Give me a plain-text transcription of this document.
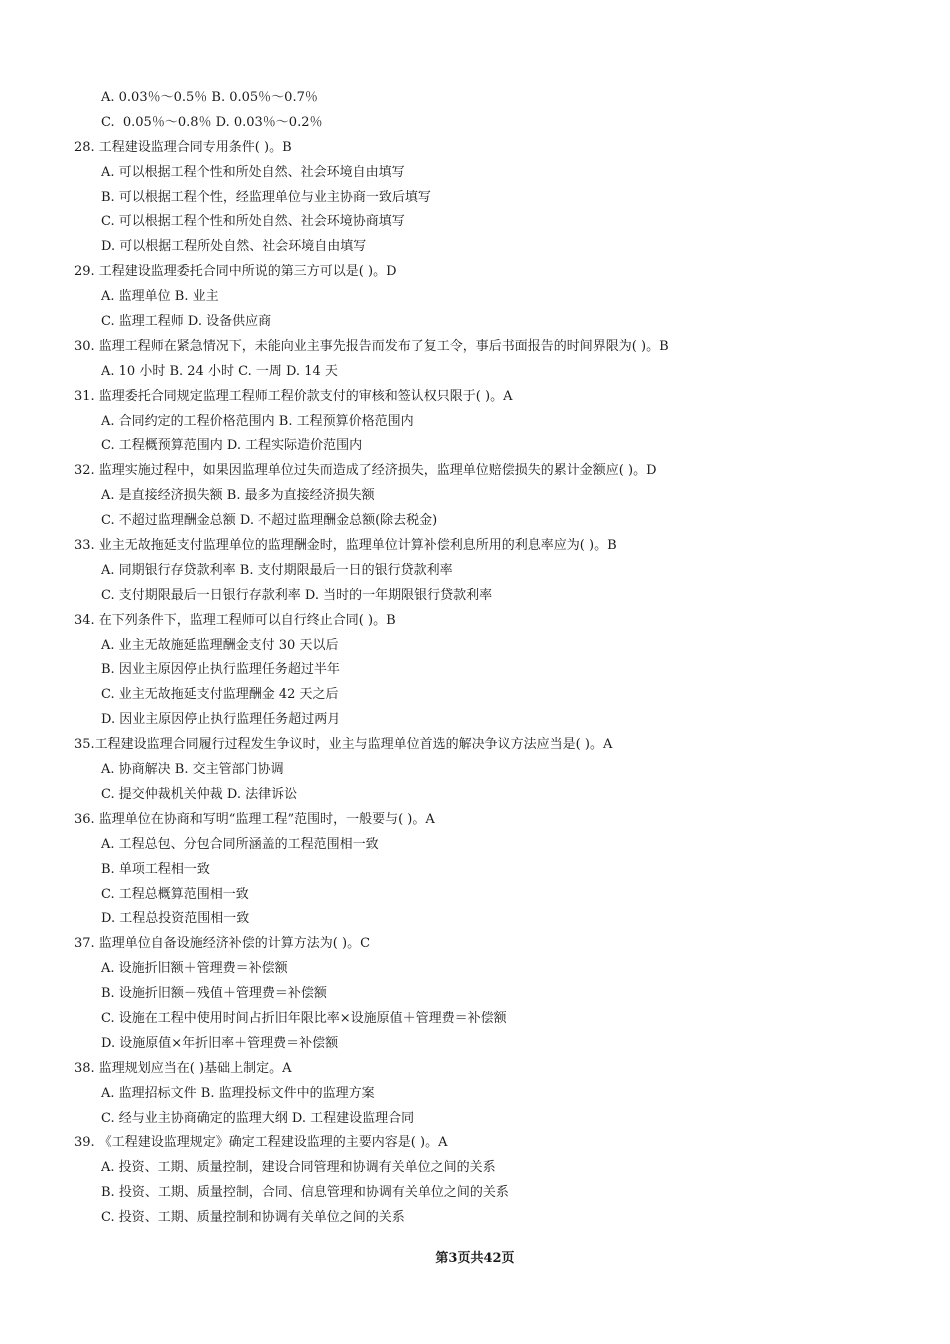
A. 0.03％～0.5％ B. 0.05％～0.7％
C.  0.05％～0.8％ D. 0.03％～0.2％
28. 工程建设监理合同专用条件( )。B
A. 可以根据工程个性和所处自然、社会环境自由填写
B. 可以根据工程个性，经监理单位与业主协商一致后填写
C. 可以根据工程个性和所处自然、社会环境协商填写
D. 可以根据工程所处自然、社会环境自由填写
29. 工程建设监理委托合同中所说的第三方可以是( )。D
A. 监理单位 B. 业主
C. 监理工程师 D. 设备供应商
30. 监理工程师在紧急情况下，未能向业主事先报告而发布了复工令，事后书面报告的时间界限为( )。B
A. 10 小时 B. 24 小时 C. 一周 D. 14 天
31. 监理委托合同规定监理工程师工程价款支付的审核和签认权只限于( )。A
A. 合同约定的工程价格范围内 B. 工程预算价格范围内
C. 工程概预算范围内 D. 工程实际造价范围内
32. 监理实施过程中，如果因监理单位过失而造成了经济损失，监理单位赔偿损失的累计金额应( )。D
A. 是直接经济损失额 B. 最多为直接经济损失额
C. 不超过监理酬金总额 D. 不超过监理酬金总额(除去税金)
33. 业主无故拖延支付监理单位的监理酬金时，监理单位计算补偿利息所用的利息率应为( )。B
A. 同期银行存贷款利率 B. 支付期限最后一日的银行贷款利率
C. 支付期限最后一日银行存款利率 D. 当时的一年期限银行贷款利率
34. 在下列条件下，监理工程师可以自行终止合同( )。B
A. 业主无故施延监理酬金支付 30 天以后
B. 因业主原因停止执行监理任务超过半年
C. 业主无故拖延支付监理酬金 42 天之后
D. 因业主原因停止执行监理任务超过两月
35.工程建设监理合同履行过程发生争议时，业主与监理单位首选的解决争议方法应当是( )。A
A. 协商解决 B. 交主管部门协调
C. 提交仲裁机关仲裁 D. 法律诉讼
36. 监理单位在协商和写明“监理工程”范围时，一般要与( )。A
A. 工程总包、分包合同所涵盖的工程范围相一致
B. 单项工程相一致
C. 工程总概算范围相一致
D. 工程总投资范围相一致
37. 监理单位自备设施经济补偿的计算方法为( )。C
A. 设施折旧额＋管理费＝补偿额
B. 设施折旧额－残值＋管理费＝补偿额
C. 设施在工程中使用时间占折旧年限比率×设施原值＋管理费＝补偿额
D. 设施原值×年折旧率＋管理费＝补偿额
38. 监理规划应当在( )基础上制定。A
A. 监理招标文件 B. 监理投标文件中的监理方案
C. 经与业主协商确定的监理大纲 D. 工程建设监理合同
39. 《工程建设监理规定》确定工程建设监理的主要内容是( )。A
A. 投资、工期、质量控制，建设合同管理和协调有关单位之间的关系
B. 投资、工期、质量控制，合同、信息管理和协调有关单位之间的关系
C. 投资、工期、质量控制和协调有关单位之间的关系
第3页共42页
